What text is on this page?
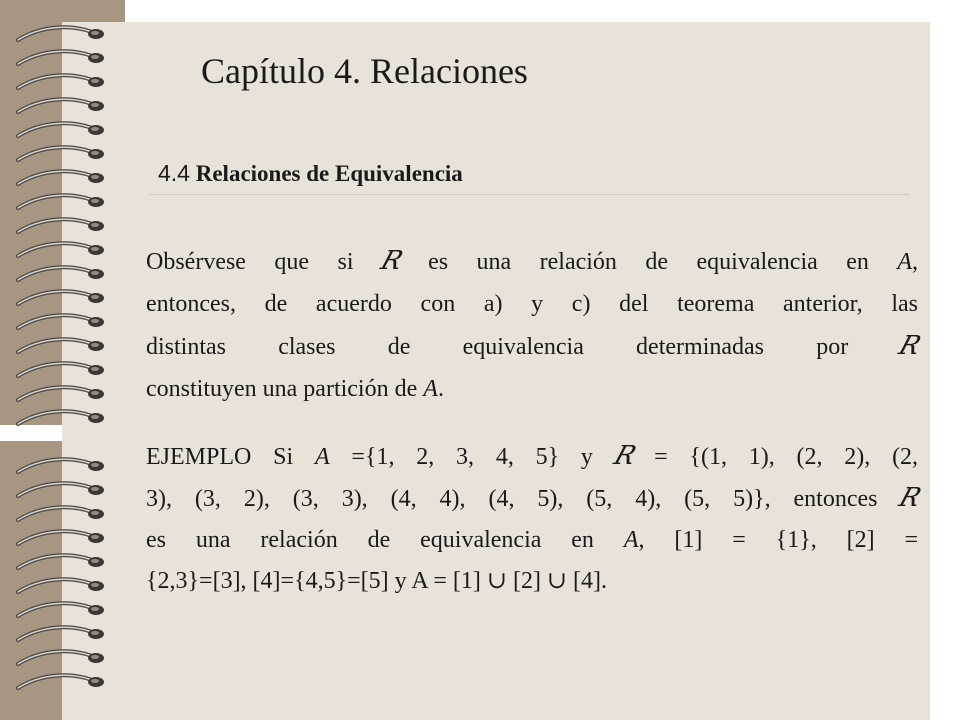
Capítulo 4. Relaciones
4.4 Relaciones de Equivalencia
Obsérvese que si R es una relación de equivalencia en A,
entonces, de acuerdo con a) y c) del teorema anterior, las
distintas clases de equivalencia determinadas por R
constituyen una partición de A.
EJEMPLO Si A ={1, 2, 3, 4, 5} y R = {(1, 1), (2, 2), (2,
3), (3, 2), (3, 3), (4, 4), (4, 5), (5, 4), (5, 5)}, entonces R
es una relación de equivalencia en A, [1] = {1}, [2] =
{2,3}=[3], [4]={4,5}=[5] y A = [1] ∪ [2] ∪ [4].
